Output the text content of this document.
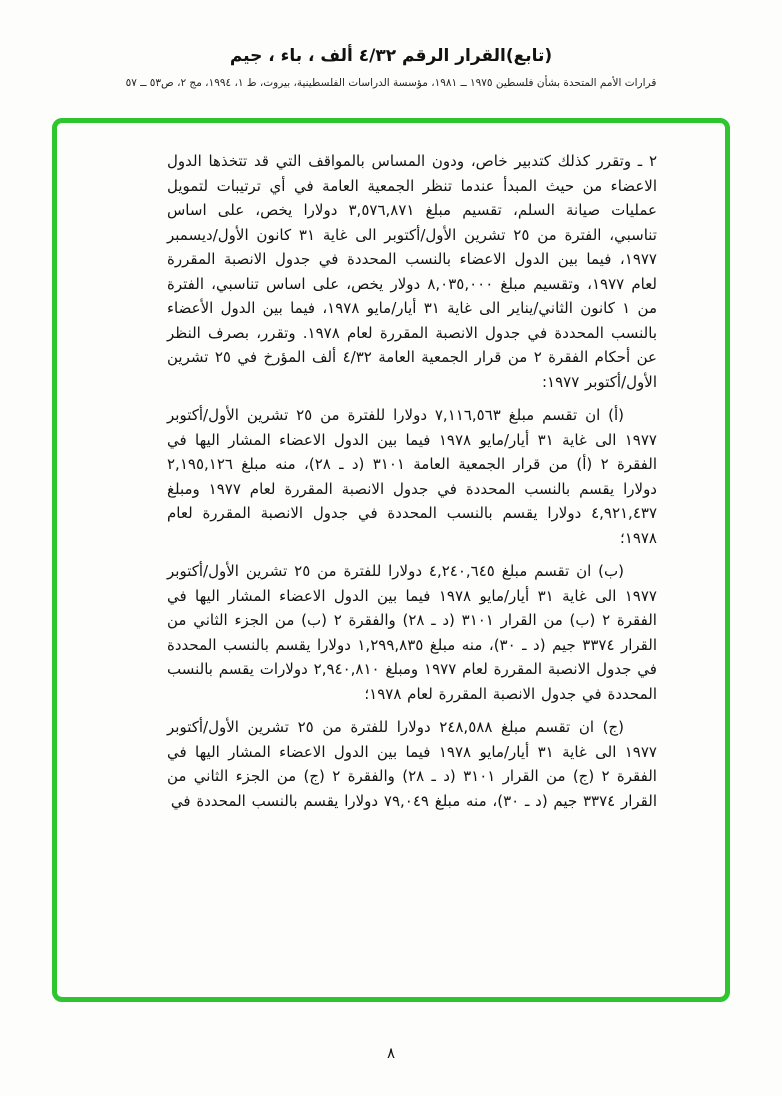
(تابع)القرار الرقم ٤/٣٢ ألف ، باء ، جيم
قرارات الأمم المتحدة بشأن فلسطين ١٩٧٥ ــ ١٩٨١، مؤسسة الدراسات الفلسطينية، بيروت، ط ١، ١٩٩٤، مج ٢، ص٥٣ ــ ٥٧

٢ ـ وتقرر كذلك كتدبير خاص، ودون المساس بالمواقف التي قد تتخذها الدول الاعضاء من حيث المبدأ عندما تنظر الجمعية العامة في أي ترتيبات لتمويل عمليات صيانة السلم، تقسيم مبلغ ٣,٥٧٦,٨٧١ دولارا يخص، على اساس تناسبي، الفترة من ٢٥ تشرين الأول/أكتوبر الى غاية ٣١ كانون الأول/ديسمبر ١٩٧٧، فيما بين الدول الاعضاء بالنسب المحددة في جدول الانصبة المقررة لعام ١٩٧٧، وتقسيم مبلغ ٨,٠٣٥,٠٠٠ دولار يخص، على اساس تناسبي، الفترة من ١ كانون الثاني/يناير الى غاية ٣١ أيار/مايو ١٩٧٨، فيما بين الدول الأعضاء بالنسب المحددة في جدول الانصبة المقررة لعام ١٩٧٨. وتقرر، بصرف النظر عن أحكام الفقرة ٢ من قرار الجمعية العامة ٤/٣٢ ألف المؤرخ في ٢٥ تشرين الأول/أكتوبر ١٩٧٧:

(أ) ان تقسم مبلغ ٧,١١٦,٥٦٣ دولارا للفترة من ٢٥ تشرين الأول/أكتوبر ١٩٧٧ الى غاية ٣١ أيار/مايو ١٩٧٨ فيما بين الدول الاعضاء المشار اليها في الفقرة ٢ (أ) من قرار الجمعية العامة ٣١٠١ (د ـ ٢٨)، منه مبلغ ٢,١٩٥,١٢٦ دولارا يقسم بالنسب المحددة في جدول الانصبة المقررة لعام ١٩٧٧ ومبلغ ٤,٩٢١,٤٣٧ دولارا يقسم بالنسب المحددة في جدول الانصبة المقررة لعام ١٩٧٨؛

(ب) ان تقسم مبلغ ٤,٢٤٠,٦٤٥ دولارا للفترة من ٢٥ تشرين الأول/أكتوبر ١٩٧٧ الى غاية ٣١ أيار/مايو ١٩٧٨ فيما بين الدول الاعضاء المشار اليها في الفقرة ٢ (ب) من القرار ٣١٠١ (د ـ ٢٨) والفقرة ٢ (ب) من الجزء الثاني من القرار ٣٣٧٤ جيم (د ـ ٣٠)، منه مبلغ ١,٢٩٩,٨٣٥ دولارا يقسم بالنسب المحددة في جدول الانصبة المقررة لعام ١٩٧٧ ومبلغ ٢,٩٤٠,٨١٠ دولارات يقسم بالنسب المحددة في جدول الانصبة المقررة لعام ١٩٧٨؛

(ج) ان تقسم مبلغ ٢٤٨,٥٨٨ دولارا للفترة من ٢٥ تشرين الأول/أكتوبر ١٩٧٧ الى غاية ٣١ أيار/مايو ١٩٧٨ فيما بين الدول الاعضاء المشار اليها في الفقرة ٢ (ج) من القرار ٣١٠١ (د ـ ٢٨) والفقرة ٢ (ج) من الجزء الثاني من القرار ٣٣٧٤ جيم (د ـ ٣٠)، منه مبلغ ٧٩,٠٤٩ دولارا يقسم بالنسب المحددة في

٨
